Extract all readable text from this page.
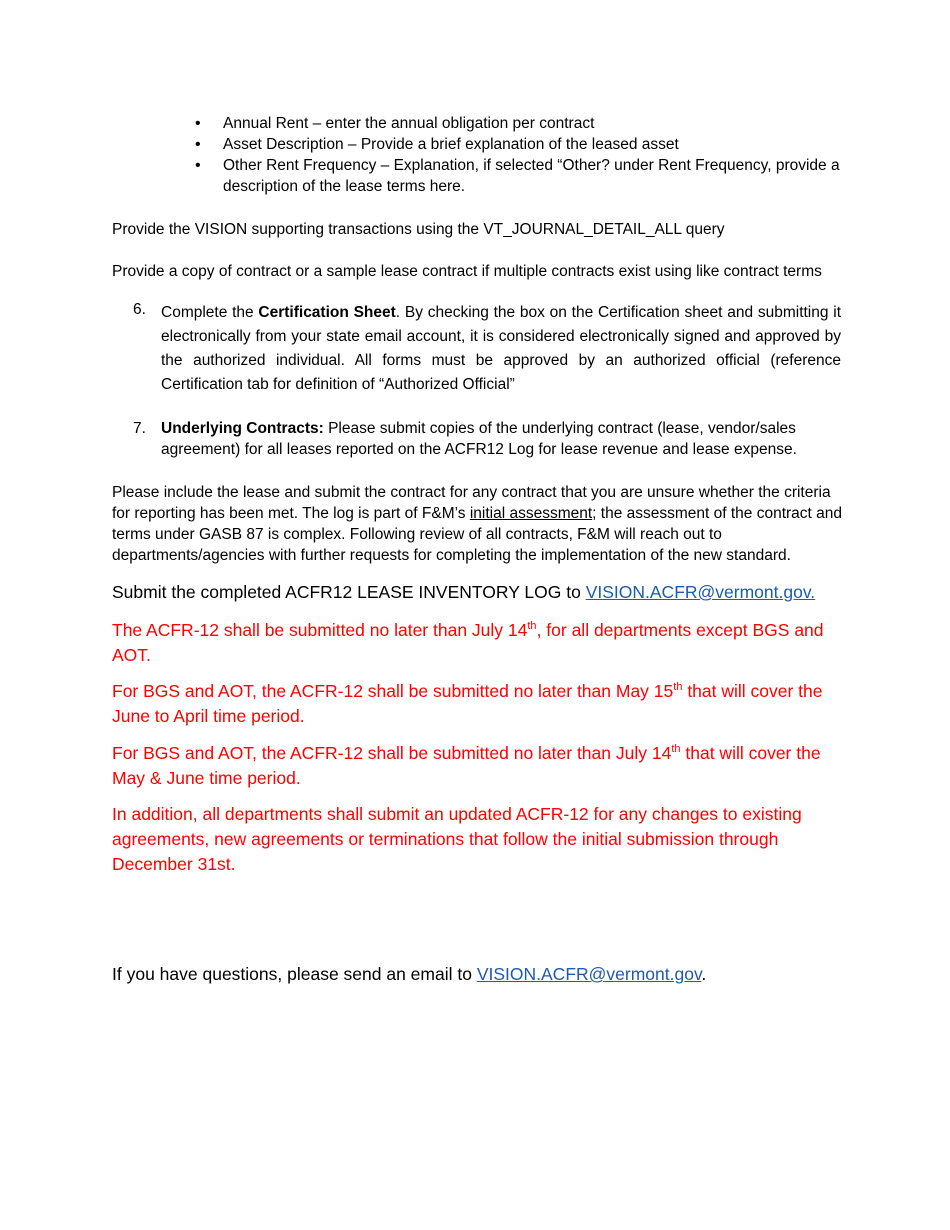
• Annual Rent – enter the annual obligation per contract
• Asset Description – Provide a brief explanation of the leased asset
• Other Rent Frequency – Explanation, if selected “Other? under Rent Frequency, provide a description of the lease terms here.

Provide the VISION supporting transactions using the VT_JOURNAL_DETAIL_ALL query

Provide a copy of contract or a sample lease contract if multiple contracts exist using like contract terms

6. Complete the Certification Sheet. By checking the box on the Certification sheet and submitting it electronically from your state email account, it is considered electronically signed and approved by the authorized individual. All forms must be approved by an authorized official (reference Certification tab for definition of “Authorized Official”
7. Underlying Contracts: Please submit copies of the underlying contract (lease, vendor/sales agreement) for all leases reported on the ACFR12 Log for lease revenue and lease expense.

Please include the lease and submit the contract for any contract that you are unsure whether the criteria for reporting has been met. The log is part of F&M’s initial assessment; the assessment of the contract and terms under GASB 87 is complex. Following review of all contracts, F&M will reach out to departments/agencies with further requests for completing the implementation of the new standard.

Submit the completed ACFR12 LEASE INVENTORY LOG to VISION.ACFR@vermont.gov.

The ACFR-12 shall be submitted no later than July 14th, for all departments except BGS and AOT.

For BGS and AOT, the ACFR-12 shall be submitted no later than May 15th that will cover the June to April time period.

For BGS and AOT, the ACFR-12 shall be submitted no later than July 14th that will cover the May & June time period.

In addition, all departments shall submit an updated ACFR-12 for any changes to existing agreements, new agreements or terminations that follow the initial submission through December 31st.

If you have questions, please send an email to VISION.ACFR@vermont.gov.
